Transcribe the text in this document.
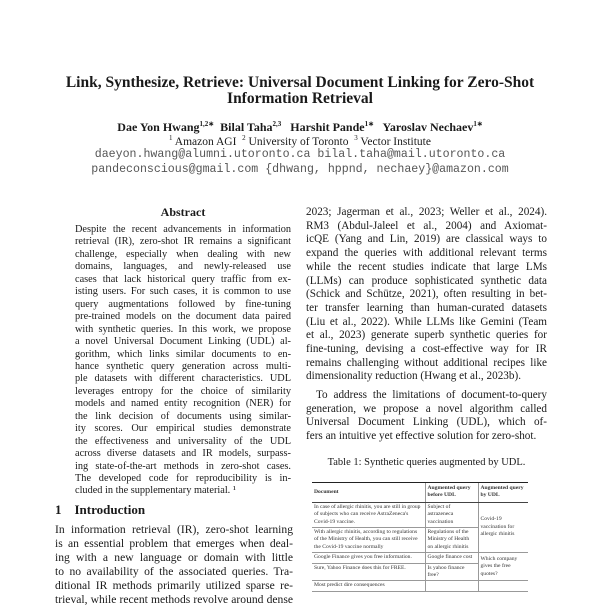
Link, Synthesize, Retrieve: Universal Document Linking for Zero-Shot
Information Retrieval
Dae Yon Hwang$^{1,2∗}$ Bilal Taha$^{2,3}$ Harshit Pande$^{1∗}$ Yaroslav Nechaev$^{1∗}$
$^1$ Amazon AGI $^2$ University of Toronto $^3$ Vector Institute
daeyon.hwang@alumni.utoronto.ca bilal.taha@mail.utoronto.ca
pandeconscious@gmail.com {dhwang, hppnd, nechaey}@amazon.com
Abstract
Despite the recent advancements in information
retrieval (IR), zero-shot IR remains a significant
challenge, especially when dealing with new
domains, languages, and newly-released use
cases that lack historical query traffic from ex-
isting users. For such cases, it is common to use
query augmentations followed by fine-tuning
pre-trained models on the document data paired
with synthetic queries. In this work, we propose
a novel Universal Document Linking (UDL) al-
gorithm, which links similar documents to en-
hance synthetic query generation across multi-
ple datasets with different characteristics. UDL
leverages entropy for the choice of similarity
models and named entity recognition (NER) for
the link decision of documents using similar-
ity scores. Our empirical studies demonstrate
the effectiveness and universality of the UDL
across diverse datasets and IR models, surpass-
ing state-of-the-art methods in zero-shot cases.
The developed code for reproducibility is in-
cluded in the supplementary material. ¹
1 Introduction
In information retrieval (IR), zero-shot learning
is an essential problem that emerges when deal-
ing with a new language or domain with little
to no availability of the associated queries. Tra-
ditional IR methods primarily utilized sparse re-
trieval, while recent methods revolve around dense
2023; Jagerman et al., 2023; Weller et al., 2024).
RM3 (Abdul-Jaleel et al., 2004) and Axiomat-
icQE (Yang and Lin, 2019) are classical ways to
expand the queries with additional relevant terms
while the recent studies indicate that large LMs
(LLMs) can produce sophisticated synthetic data
(Schick and Schütze, 2021), often resulting in bet-
ter transfer learning than human-curated datasets
(Liu et al., 2022). While LLMs like Gemini (Team
et al., 2023) generate superb synthetic queries for
fine-tuning, devising a cost-effective way for IR
remains challenging without additional recipes like
dimensionality reduction (Hwang et al., 2023b).
To address the limitations of document-to-query
generation, we propose a novel algorithm called
Universal Document Linking (UDL), which of-
fers an intuitive yet effective solution for zero-shot.
Table 1: Synthetic queries augmented by UDL.
Document	Augmented query before UDL	Augmented query by UDL
In case of allergic rhinitis, you are still in group of subjects who can receive AstraZeneca's Covid-19 vaccine.	Subject of astrazeneca vaccination	Covid-19 vaccination for allergic rhinitis
With allergic rhinitis, according to regulations of the Ministry of Health, you can still receive the Covid-19 vaccine normally	Regulations of the Ministry of Health on allergic rhinitis	
Google Finance gives you free information.	Google finance cost	Which company gives the free quotes?
Sure, Yahoo Finance does this for FREE.	Is yahoo finance free?	
Most predict dire consequences		
